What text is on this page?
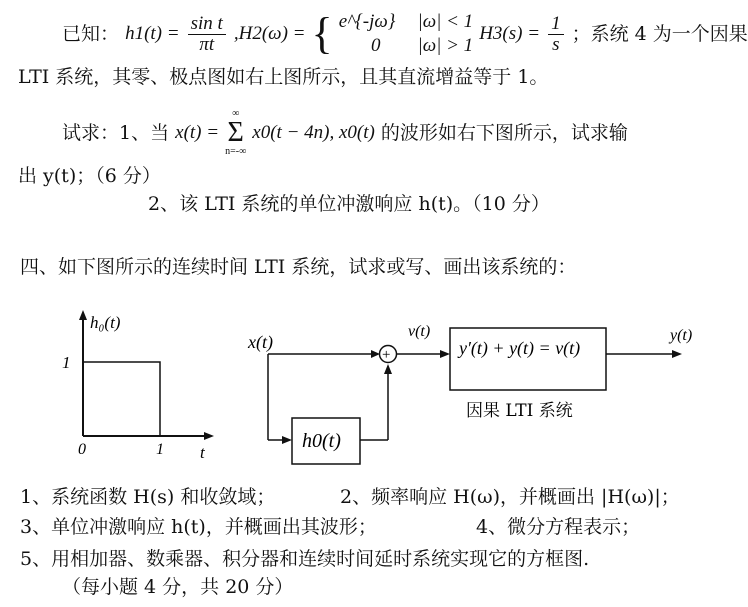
已知： $h1(t) = \frac{\text{sin t}}{\pi t} ,H2(\omega)$ = { e^{-jω} |ω| < 1
0 |ω| > 1
$H3(s) = \frac{1}{s}$ ；系统 4 为一个因果
LTI 系统，其零、极点图如右上图所示，且其直流增益等于 1。
试求：1、当 x(t) =
∞
Σ
n=-∞
x0(t − 4n), x0(t) 的波形如右下图所示，试求输
出 y(t)；（6 分）
2、该 LTI 系统的单位冲激响应 h(t)。（10 分）
四、如下图所示的连续时间 LTI 系统，试求或写、画出该系统的：
h₀(t)
1
0	1 t
x(t)
+
v(t)
y′(t) + y(t) = v(t)
y(t)
h0(t)
因果 LTI 系统
1、系统函数 H(s) 和收敛域；	2、频率响应 H(ω)，并概画出 |H(ω)|；
3、单位冲激响应 h(t)，并概画出其波形；	4、微分方程表示；
5、用相加器、数乘器、积分器和连续时间延时系统实现它的方框图.
（每小题 4 分，共 20 分）
